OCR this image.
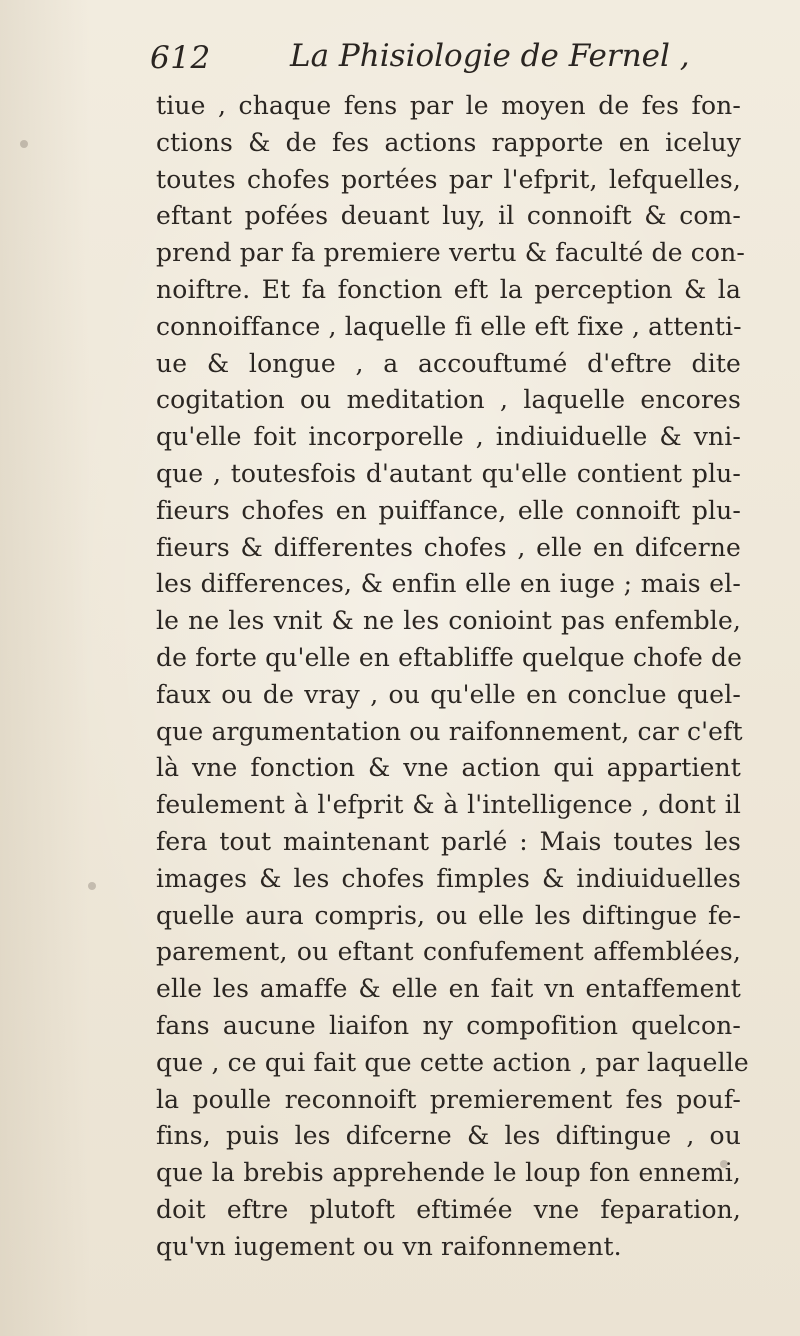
612	La Phisiologie de Fernel ,
tiue , chaque fens par le moyen de fes fon-
ctions & de fes actions rapporte en iceluy
toutes chofes portées par l'efprit, lefquelles,
eftant pofées deuant luy, il connoift & com-
prend par fa premiere vertu & faculté de con-
noiftre. Et fa fonction eft la perception & la
connoiffance , laquelle fi elle eft fixe , attenti-
ue & longue , a accouftumé d'eftre dite
cogitation ou meditation , laquelle encores
qu'elle foit incorporelle , indiuiduelle & vni-
que , toutesfois d'autant qu'elle contient plu-
fieurs chofes en puiffance, elle connoift plu-
fieurs & differentes chofes , elle en difcerne
les differences, & enfin elle en iuge ; mais el-
le ne les vnit & ne les conioint pas enfemble,
de forte qu'elle en eftabliffe quelque chofe de
faux ou de vray , ou qu'elle en conclue quel-
que argumentation ou raifonnement, car c'eft
là vne fonction & vne action qui appartient
feulement à l'efprit & à l'intelligence , dont il
fera tout maintenant parlé : Mais toutes les
images & les chofes fimples & indiuiduelles
quelle aura compris, ou elle les diftingue fe-
parement, ou eftant confufement affemblées,
elle les amaffe & elle en fait vn entaffement
fans aucune liaifon ny compofition quelcon-
que , ce qui fait que cette action , par laquelle
la poulle reconnoift premierement fes pouf-
fins, puis les difcerne & les diftingue , ou
que la brebis apprehende le loup fon ennemi,
doit eftre plutoft eftimée vne feparation,
qu'vn iugement ou vn raifonnement.
